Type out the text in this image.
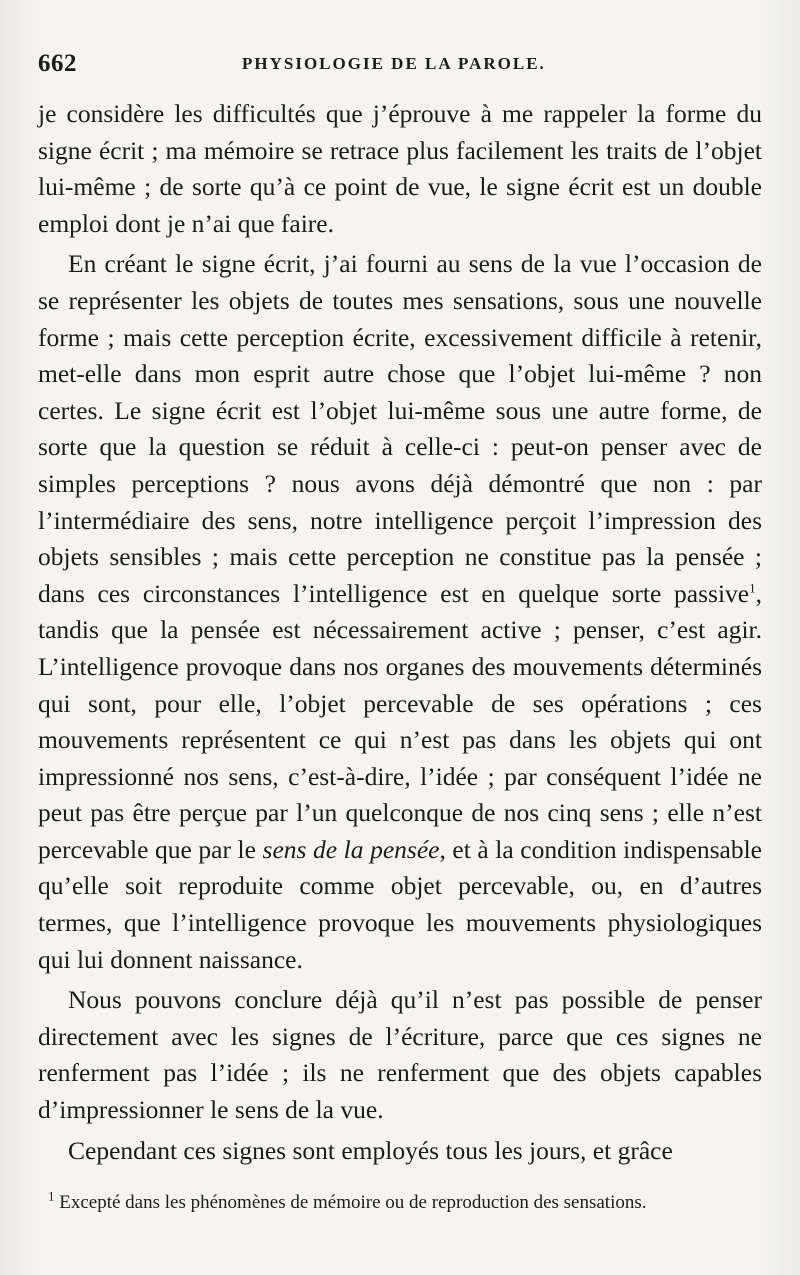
662	PHYSIOLOGIE DE LA PAROLE.

je considère les difficultés que j’éprouve à me rappeler la forme du signe écrit ; ma mémoire se retrace plus facilement les traits de l’objet lui-même ; de sorte qu’à ce point de vue, le signe écrit est un double emploi dont je n’ai que faire.

En créant le signe écrit, j’ai fourni au sens de la vue l’occasion de se représenter les objets de toutes mes sensations, sous une nouvelle forme ; mais cette perception écrite, excessivement difficile à retenir, met-elle dans mon esprit autre chose que l’objet lui-même ? non certes. Le signe écrit est l’objet lui-même sous une autre forme, de sorte que la question se réduit à celle-ci : peut-on penser avec de simples perceptions ? nous avons déjà démontré que non : par l’intermédiaire des sens, notre intelligence perçoit l’impression des objets sensibles ; mais cette perception ne constitue pas la pensée ; dans ces circonstances l’intelligence est en quelque sorte passive$^1$, tandis que la pensée est nécessairement active ; penser, c’est agir. L’intelligence provoque dans nos organes des mouvements déterminés qui sont, pour elle, l’objet percevable de ses opérations ; ces mouvements représentent ce qui n’est pas dans les objets qui ont impressionné nos sens, c’est-à-dire, l’idée ; par conséquent l’idée ne peut pas être perçue par l’un quelconque de nos cinq sens ; elle n’est percevable que par le sens de la pensée, et à la condition indispensable qu’elle soit reproduite comme objet percevable, ou, en d’autres termes, que l’intelligence provoque les mouvements physiologiques qui lui donnent naissance.

Nous pouvons conclure déjà qu’il n’est pas possible de penser directement avec les signes de l’écriture, parce que ces signes ne renferment pas l’idée ; ils ne renferment que des objets capables d’impressionner le sens de la vue.

Cependant ces signes sont employés tous les jours, et grâce

$^1$ Excepté dans les phénomènes de mémoire ou de reproduction des sensations.
